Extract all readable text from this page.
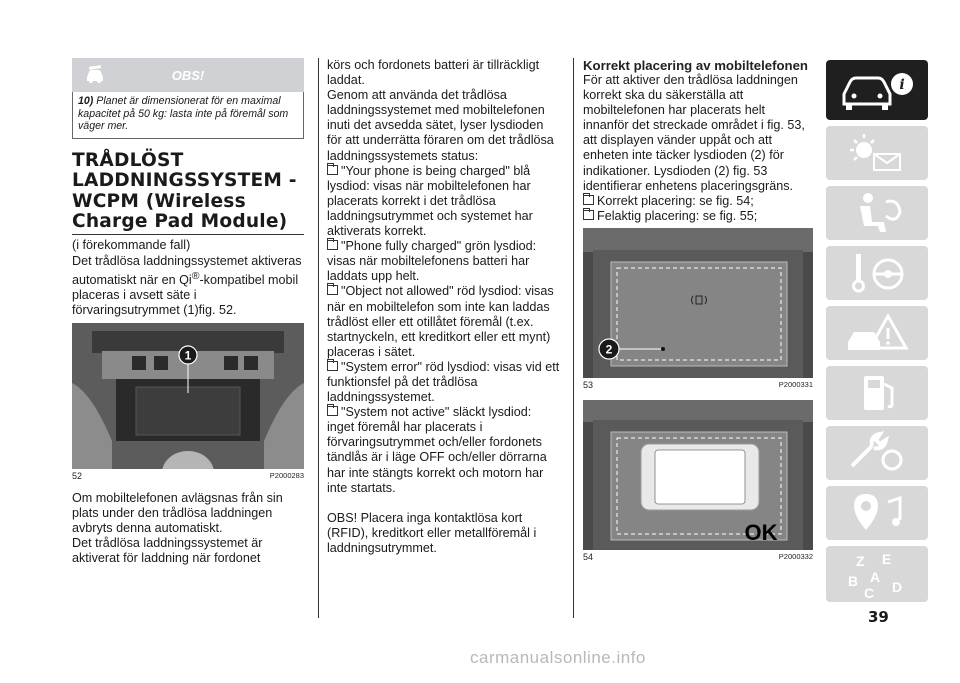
OBS!
10) Planet är dimensionerat för en maximal kapacitet på 50 kg: lasta inte på föremål som väger mer.
TRÅDLÖST LADDNINGSSYSTEM - WCPM (Wireless Charge Pad Module)

(i förekommande fall)

Det trådlösa laddningssystemet aktiveras automatiskt när en Qi®-kompatibel mobil placeras i avsett säte i förvaringsutrymmet (1)fig. 52.

1
52	P2000283

Om mobiltelefonen avlägsnas från sin plats under den trådlösa laddningen avbryts denna automatiskt.

Det trådlösa laddningssystemet är aktiverat för laddning när fordonet

körs och fordonets batteri är tillräckligt laddat.

Genom att använda det trådlösa laddningssystemet med mobiltelefonen inuti det avsedda sätet, lyser lysdioden för att underrätta föraren om det trådlösa laddningssystemets status:

"Your phone is being charged" blå lysdiod: visas när mobiltelefonen har placerats korrekt i det trådlösa laddningsutrymmet och systemet har aktiverats korrekt.

"Phone fully charged" grön lysdiod: visas när mobiltelefonens batteri har laddats upp helt.

"Object not allowed" röd lysdiod: visas när en mobiltelefon som inte kan laddas trådlöst eller ett otillåtet föremål (t.ex. startnyckeln, ett kreditkort eller ett mynt) placeras i sätet.

"System error" röd lysdiod: visas vid ett funktionsfel på det trådlösa laddningssystemet.

"System not active" släckt lysdiod: inget föremål har placerats i förvaringsutrymmet och/eller fordonets tändlås är i läge OFF och/eller dörrarna har inte stängts korrekt och motorn har inte startats.

OBS! Placera inga kontaktlösa kort (RFID), kreditkort eller metallföremål i laddningsutrymmet.

Korrekt placering av mobiltelefonen

För att aktiver den trådlösa laddningen korrekt ska du säkerställa att mobiltelefonen har placerats helt innanför det streckade området i fig. 53, att displayen vänder uppåt och att enheten inte täcker lysdioden (2) för indikationer. Lysdioden (2) fig. 53 identifierar enhetens placeringsgräns.

Korrekt placering: se fig. 54;

Felaktig placering: se fig. 55;

2
53	P2000331
OK
54	P2000332
i
Z E
B A
C D
39
carmanualsonline.info
